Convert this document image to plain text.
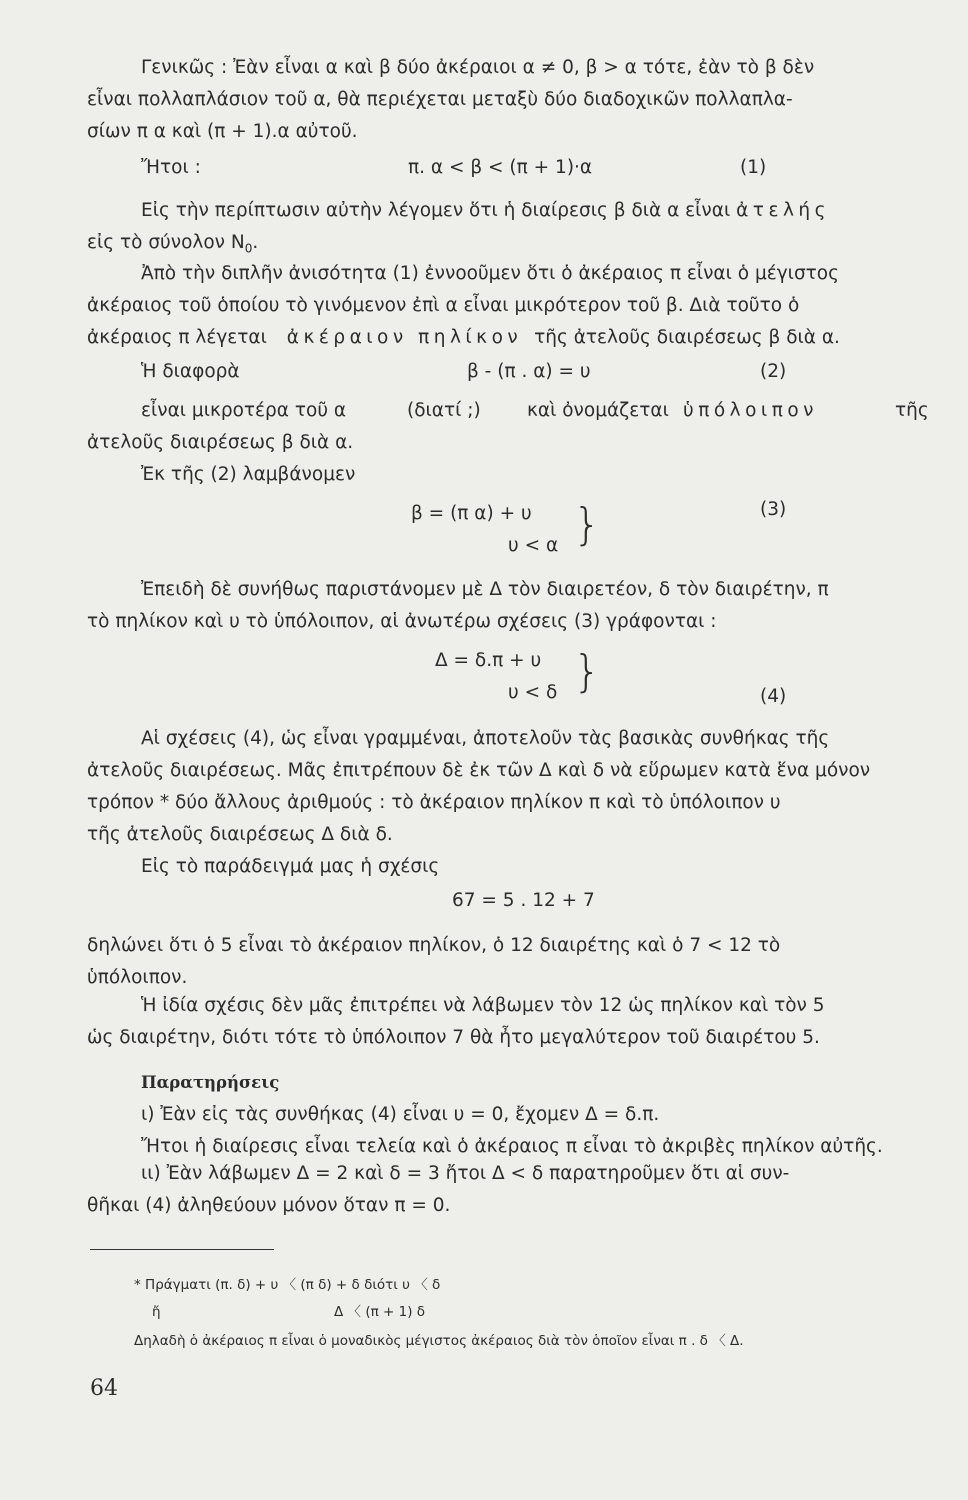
Γενικῶς : Ἐὰν εἶναι α καὶ β δύο ἀκέραιοι α ≠ 0, β > α τότε, ἐὰν τὸ β δὲν
εἶναι πολλαπλάσιον τοῦ α, θὰ περιέχεται μεταξὺ δύο διαδοχικῶν πολλαπλα-
σίων π α καὶ (π + 1).α αὐτοῦ.
Ἤτοι :	π. α < β < (π + 1)·α	(1)
Εἰς τὴν περίπτωσιν αὐτὴν λέγομεν ὅτι ἡ διαίρεσις β διὰ α εἶναι ἀτελής
εἰς τὸ σύνολον $N_0$.
Ἀπὸ τὴν διπλῆν ἀνισότητα (1) ἐννοοῦμεν ὅτι ὁ ἀκέραιος π εἶναι ὁ μέγιστος
ἀκέραιος τοῦ ὁποίου τὸ γινόμενον ἐπὶ α εἶναι μικρότερον τοῦ β. Διὰ τοῦτο ὁ
ἀκέραιος π λέγεται ἀκέραιον πηλίκον τῆς ἀτελοῦς διαιρέσεως β διὰ α.
Ἡ διαφορὰ	β - (π . α) = υ	(2)
εἶναι μικροτέρα τοῦ α	(διατί ;)	καὶ ὀνομάζεται ὑπόλοιπον	τῆς
ἀτελοῦς διαιρέσεως β διὰ α.
Ἐκ τῆς (2) λαμβάνομεν
β = (π α) + υ
υ < α }	(3)
Ἐπειδὴ δὲ συνήθως παριστάνομεν μὲ Δ τὸν διαιρετέον, δ τὸν διαιρέτην, π
τὸ πηλίκον καὶ υ τὸ ὑπόλοιπον, αἱ ἀνωτέρω σχέσεις (3) γράφονται :
Δ = δ.π + υ
υ < δ }	(4)
Αἱ σχέσεις (4), ὡς εἶναι γραμμέναι, ἀποτελοῦν τὰς βασικὰς συνθήκας τῆς
ἀτελοῦς διαιρέσεως. Μᾶς ἐπιτρέπουν δὲ ἐκ τῶν Δ καὶ δ νὰ εὕρωμεν κατὰ ἕνα μόνον
τρόπον * δύο ἄλλους ἀριθμούς : τὸ ἀκέραιον πηλίκον π καὶ τὸ ὑπόλοιπον υ
τῆς ἀτελοῦς διαιρέσεως Δ διὰ δ.
Εἰς τὸ παράδειγμά μας ἡ σχέσις
67 = 5 . 12 + 7
δηλώνει ὅτι ὁ 5 εἶναι τὸ ἀκέραιον πηλίκον, ὁ 12 διαιρέτης καὶ ὁ 7 < 12 τὸ
ὑπόλοιπον.
Ἡ ἰδία σχέσις δὲν μᾶς ἐπιτρέπει νὰ λάβωμεν τὸν 12 ὡς πηλίκον καὶ τὸν 5
ὡς διαιρέτην, διότι τότε τὸ ὑπόλοιπον 7 θὰ ἦτο μεγαλύτερον τοῦ διαιρέτου 5.
Παρατηρήσεις
ι) Ἐὰν εἰς τὰς συνθήκας (4) εἶναι υ = 0, ἔχομεν Δ = δ.π.
Ἤτοι ἡ διαίρεσις εἶναι τελεία καὶ ὁ ἀκέραιος π εἶναι τὸ ἀκριβὲς πηλίκον αὐτῆς.
ιι) Ἐὰν λάβωμεν Δ = 2 καὶ δ = 3 ἤτοι Δ < δ παρατηροῦμεν ὅτι αἱ συν-
θῆκαι (4) ἀληθεύουν μόνον ὅταν π = 0.
* Πράγματι (π. δ) + υ 〈 (π δ) + δ διότι υ 〈 δ
ἤ	Δ 〈 (π + 1) δ
Δηλαδὴ ὁ ἀκέραιος π εἶναι ὁ μοναδικὸς μέγιστος ἀκέραιος διὰ τὸν ὁποῖον εἶναι π . δ 〈 Δ.
64
